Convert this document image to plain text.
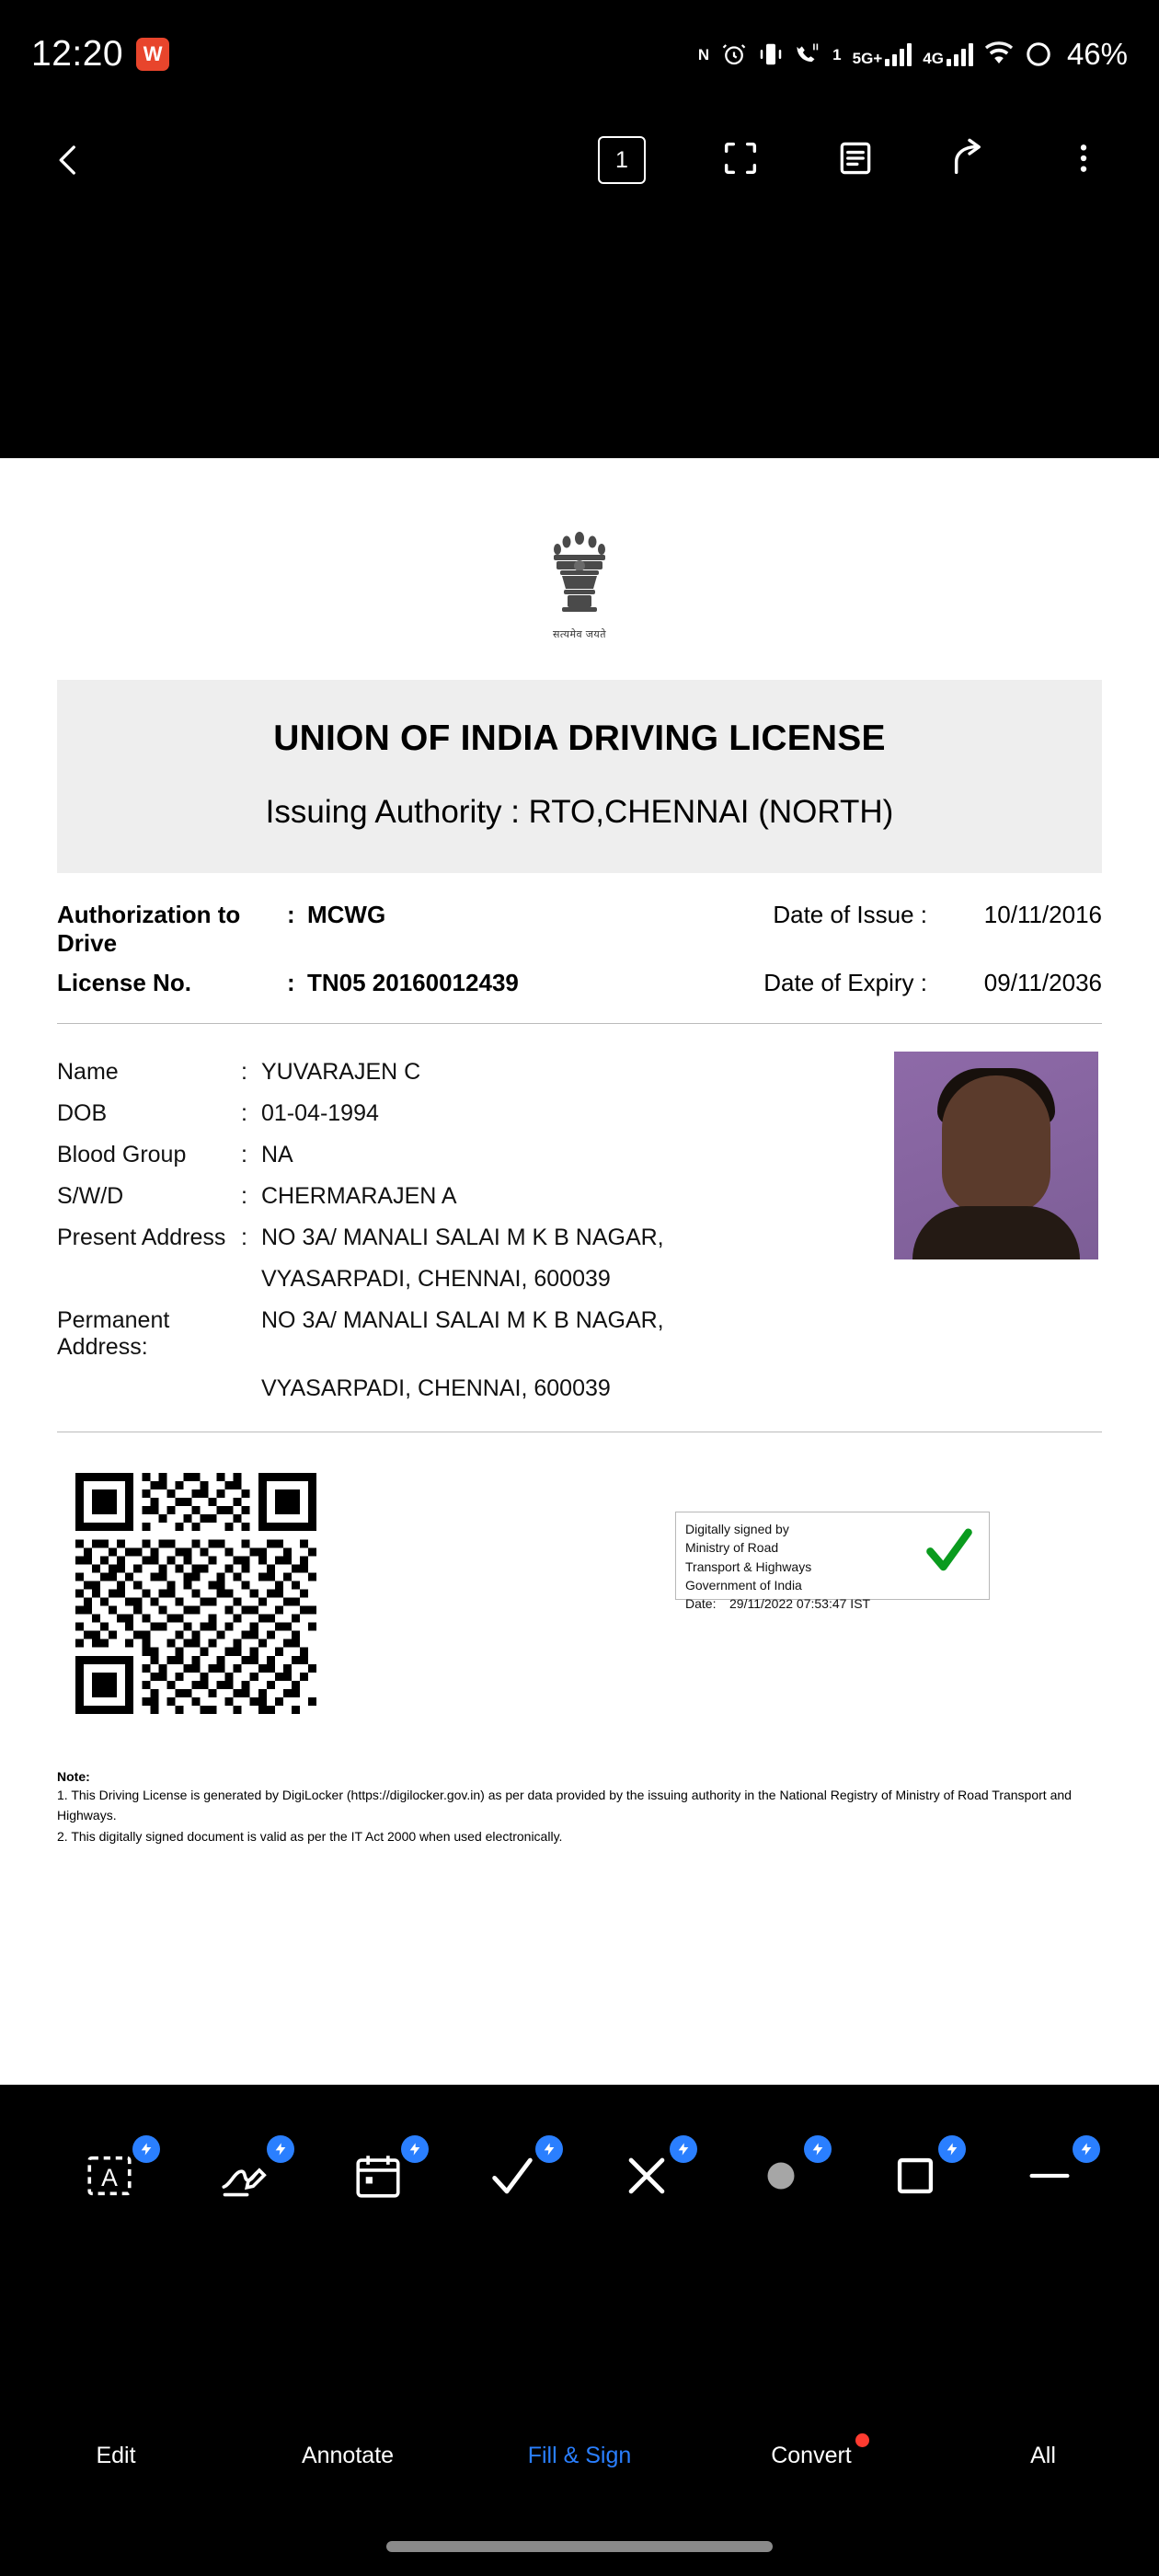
12:20 W	N	1 5G+	4G	46%
1
सत्यमेव जयते
UNION OF INDIA DRIVING LICENSE
Issuing Authority : RTO,CHENNAI (NORTH)
Authorization to Drive
: MCWG	Date of Issue :	10/11/2016
License No.	: TN05 20160012439	Date of Expiry :	09/11/2036
Name	: YUVARAJEN C
DOB	: 01-04-1994
Blood Group	: NA
S/W/D	: CHERMARAJEN A
Present Address : NO 3A/ MANALI SALAI M K B NAGAR,
VYASARPADI, CHENNAI, 600039
Permanent Address:
NO 3A/ MANALI SALAI M K B NAGAR,
VYASARPADI, CHENNAI, 600039
Digitally signed by
Ministry of Road
Transport & Highways
Government of India
Date: 29/11/2022 07:53:47 IST
Note:

1. This Driving License is generated by DigiLocker (https://digilocker.gov.in) as per data provided by the issuing authority in the National Registry of Ministry of Road Transport and Highways.

2. This digitally signed document is valid as per the IT Act 2000 when used electronically.

A
Edit	Annotate	Fill & Sign	Convert	All
